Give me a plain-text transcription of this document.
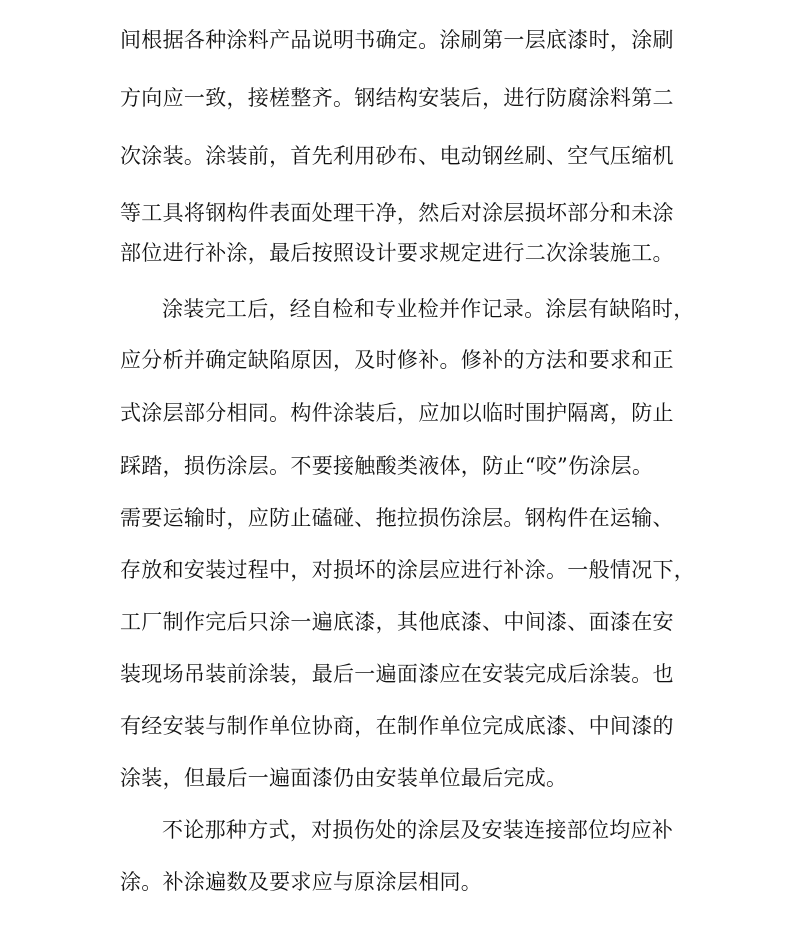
间根据各种涂料产品说明书确定。涂刷第一层底漆时，涂刷
方向应一致，接槎整齐。钢结构安装后，进行防腐涂料第二
次涂装。涂装前，首先利用砂布、电动钢丝刷、空气压缩机
等工具将钢构件表面处理干净，然后对涂层损坏部分和未涂
部位进行补涂，最后按照设计要求规定进行二次涂装施工。
涂装完工后，经自检和专业检并作记录。涂层有缺陷时，
应分析并确定缺陷原因，及时修补。修补的方法和要求和正
式涂层部分相同。构件涂装后，应加以临时围护隔离，防止
踩踏，损伤涂层。不要接触酸类液体，防止“咬”伤涂层。
需要运输时，应防止磕碰、拖拉损伤涂层。钢构件在运输、
存放和安装过程中，对损坏的涂层应进行补涂。一般情况下，
工厂制作完后只涂一遍底漆，其他底漆、中间漆、面漆在安
装现场吊装前涂装，最后一遍面漆应在安装完成后涂装。也
有经安装与制作单位协商，在制作单位完成底漆、中间漆的
涂装，但最后一遍面漆仍由安装单位最后完成。
不论那种方式，对损伤处的涂层及安装连接部位均应补
涂。补涂遍数及要求应与原涂层相同。
